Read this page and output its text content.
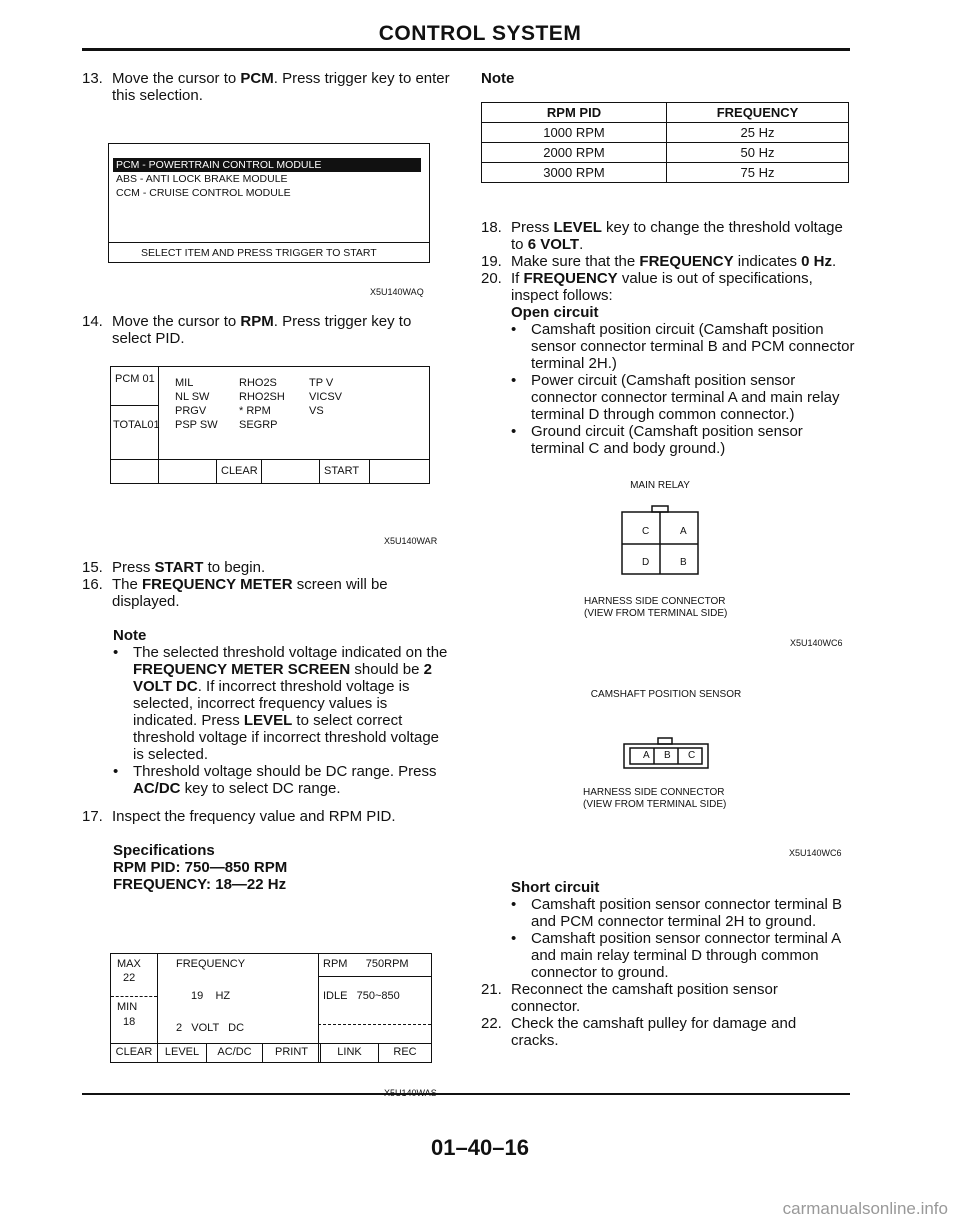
CONTROL SYSTEM
13. Move the cursor to PCM. Press trigger key to enter this selection.
PCM - POWERTRAIN CONTROL MODULE
ABS - ANTI LOCK BRAKE MODULE
CCM - CRUISE CONTROL MODULE
SELECT ITEM AND PRESS TRIGGER TO START
X5U140WAQ
14. Move the cursor to RPM. Press trigger key to select PID.
PCM 01
TOTAL01
MIL	RHO2S	TP V
NL SW	RHO2SH	VICSV
PRGV	* RPM	VS
PSP SW	SEGRP
CLEAR	START
X5U140WAR
15. Press START to begin.
16. The FREQUENCY METER screen will be displayed.
Note
• The selected threshold voltage indicated on the FREQUENCY METER SCREEN should be 2 VOLT DC. If incorrect threshold voltage is selected, incorrect frequency values is indicated. Press LEVEL to select correct threshold voltage if incorrect threshold voltage is selected.
• Threshold voltage should be DC range. Press AC/DC key to select DC range.
17. Inspect the frequency value and RPM PID.
Specifications
RPM PID: 750—850 RPM
FREQUENCY: 18—22 Hz
MAX
22
MIN
18
FREQUENCY
19    HZ
2   VOLT   DC
RPM      750RPM
IDLE   750~850
CLEAR	LEVEL	AC/DC	PRINT	LINK	REC
Note
RPM PID	FREQUENCY
1000 RPM	25 Hz
2000 RPM	50 Hz
3000 RPM	75 Hz
18. Press LEVEL key to change the threshold voltage to 6 VOLT.
19. Make sure that the FREQUENCY indicates 0 Hz.
20. If FREQUENCY value is out of specifications, inspect follows:
Open circuit
• Camshaft position circuit (Camshaft position sensor connector terminal B and PCM connector terminal 2H.)
• Power circuit (Camshaft position sensor connector connector terminal A and main relay terminal D through common connector.)
• Ground circuit (Camshaft position sensor terminal C and body ground.)
MAIN RELAY
C	A
D	B
HARNESS SIDE CONNECTOR
(VIEW FROM TERMINAL SIDE)
X5U140WC6
CAMSHAFT POSITION SENSOR
A B C
HARNESS SIDE CONNECTOR
(VIEW FROM TERMINAL SIDE)
X5U140WC6
Short circuit
• Camshaft position sensor connector terminal B and PCM connector terminal 2H to ground.
• Camshaft position sensor connector terminal A and main relay terminal D through common connector to ground.
21. Reconnect the camshaft position sensor connector.
22. Check the camshaft pulley for damage and cracks.
01–40–16
carmanualsonline.info
